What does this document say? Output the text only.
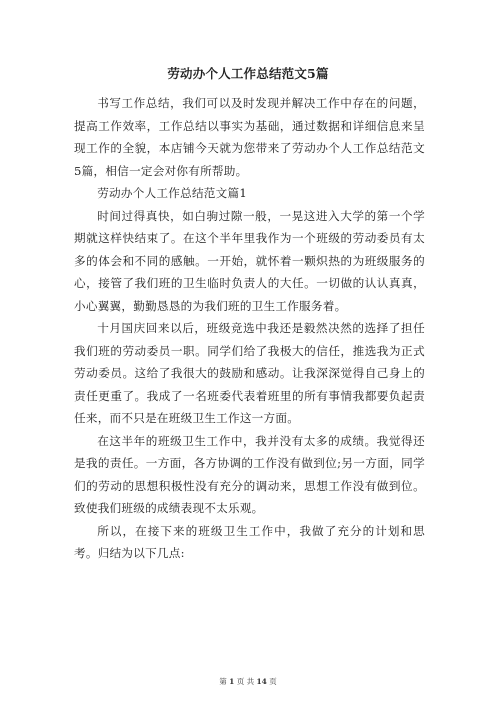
劳动办个人工作总结范文5篇

书写工作总结，我们可以及时发现并解决工作中存在的问题，提高工作效率，工作总结以事实为基础，通过数据和详细信息来呈现工作的全貌，本店铺今天就为您带来了劳动办个人工作总结范文5篇，相信一定会对你有所帮助。

劳动办个人工作总结范文篇1

时间过得真快，如白驹过隙一般，一晃这进入大学的第一个学期就这样快结束了。在这个半年里我作为一个班级的劳动委员有太多的体会和不同的感触。一开始，就怀着一颗炽热的为班级服务的心，接管了我们班的卫生临时负责人的大任。一切做的认认真真，小心翼翼，勤勤恳恳的为我们班的卫生工作服务着。

十月国庆回来以后，班级竞选中我还是毅然决然的选择了担任我们班的劳动委员一职。同学们给了我极大的信任，推选我为正式劳动委员。这给了我很大的鼓励和感动。让我深深觉得自己身上的责任更重了。我成了一名班委代表着班里的所有事情我都要负起责任来，而不只是在班级卫生工作这一方面。

在这半年的班级卫生工作中，我并没有太多的成绩。我觉得还是我的责任。一方面，各方协调的工作没有做到位;另一方面，同学们的劳动的思想积极性没有充分的调动来，思想工作没有做到位。致使我们班级的成绩表现不太乐观。

所以，在接下来的班级卫生工作中，我做了充分的计划和思考。归结为以下几点:

第 1 页 共 14 页
